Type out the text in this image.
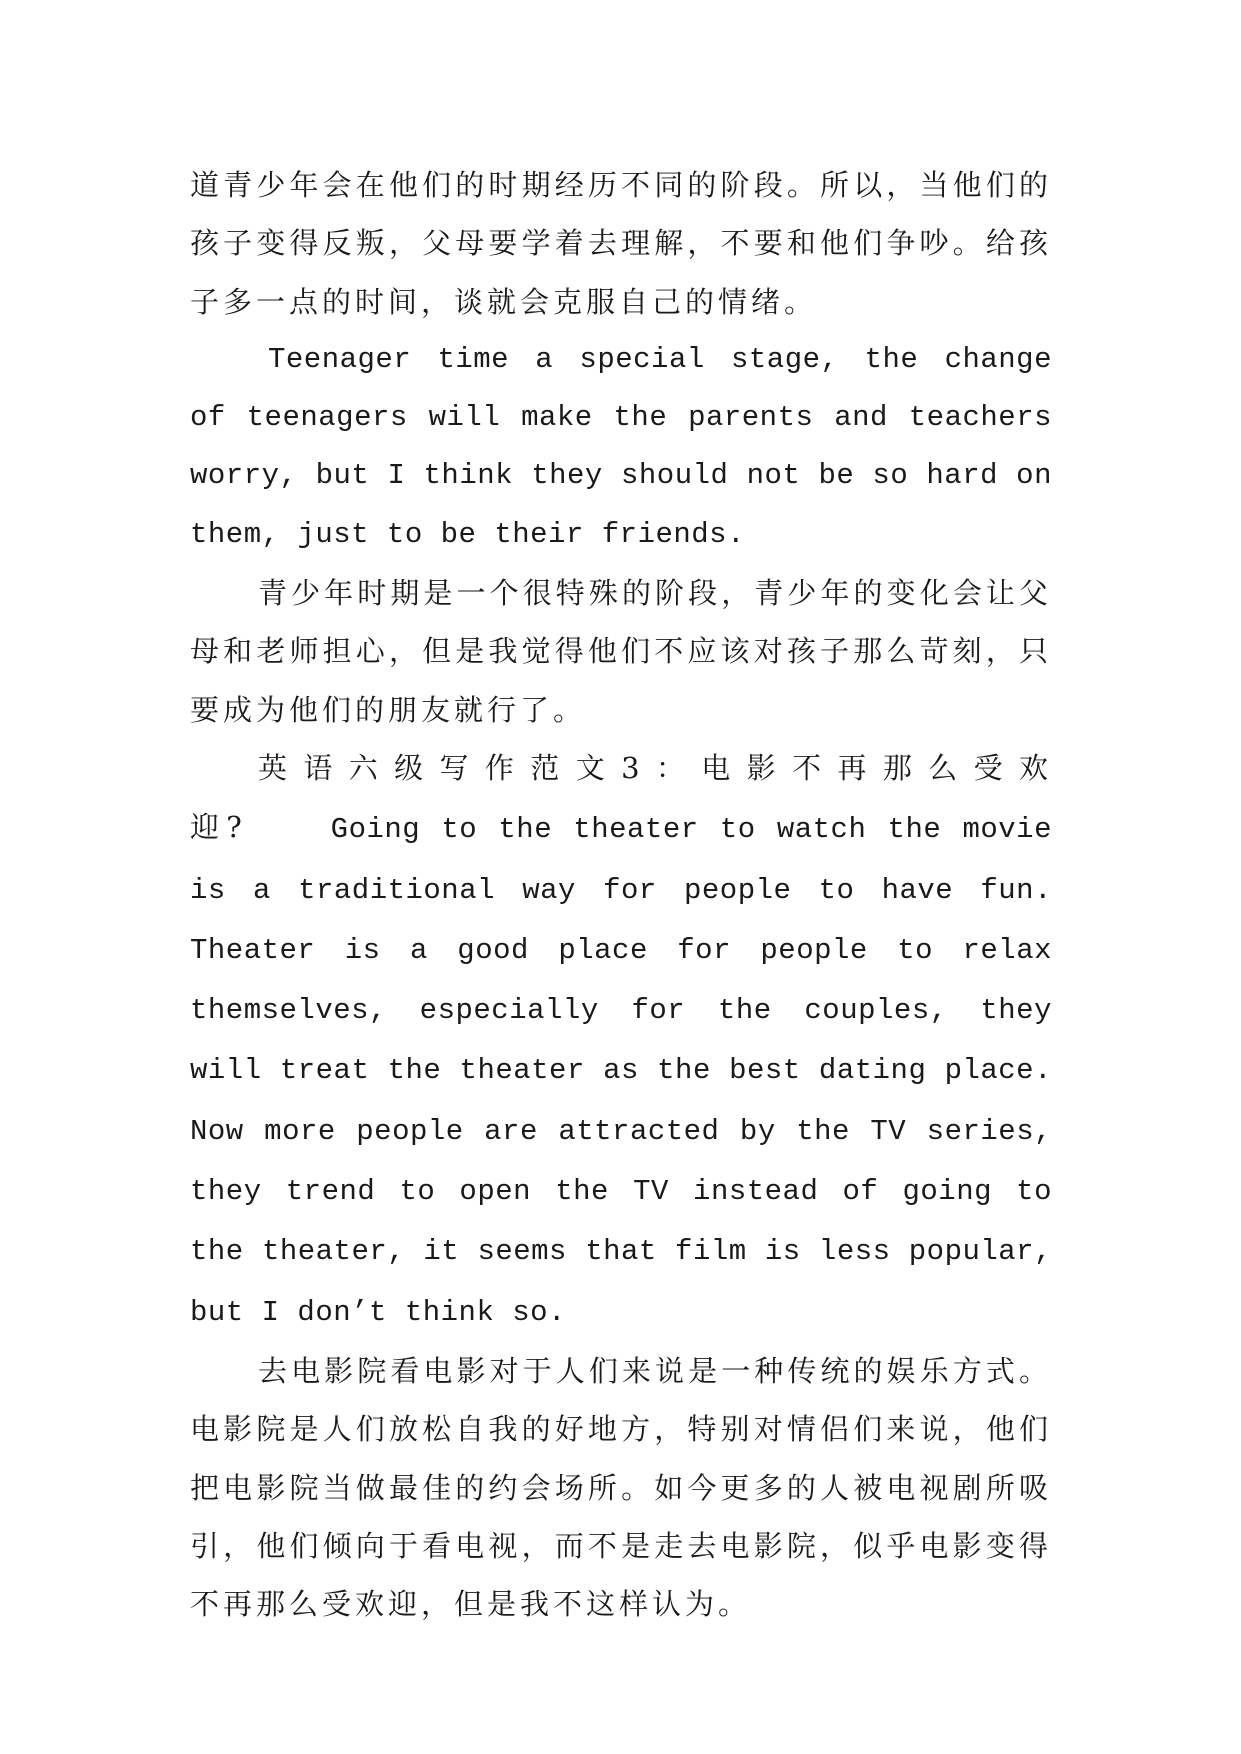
道青少年会在他们的时期经历不同的阶段。所以，当他们的孩子变得反叛，父母要学着去理解，不要和他们争吵。给孩子多一点的时间，谈就会克服自己的情绪。

Teenager time a special stage, the change of teenagers will make the parents and teachers worry, but I think they should not be so hard on them, just to be their friends.

青少年时期是一个很特殊的阶段，青少年的变化会让父母和老师担心，但是我觉得他们不应该对孩子那么苛刻，只要成为他们的朋友就行了。

英语六级写作范文3：电影不再那么受欢迎?	Going to the theater to watch the movie is a traditional way for people to have fun. Theater is a good place for people to relax themselves, especially for the couples, they will treat the theater as the best dating place. Now more people are attracted by the TV series, they trend to open the TV instead of going to the theater, it seems that film is less popular, but I don’t think so.

去电影院看电影对于人们来说是一种传统的娱乐方式。电影院是人们放松自我的好地方，特别对情侣们来说，他们把电影院当做最佳的约会场所。如今更多的人被电视剧所吸引，他们倾向于看电视，而不是走去电影院，似乎电影变得不再那么受欢迎，但是我不这样认为。
